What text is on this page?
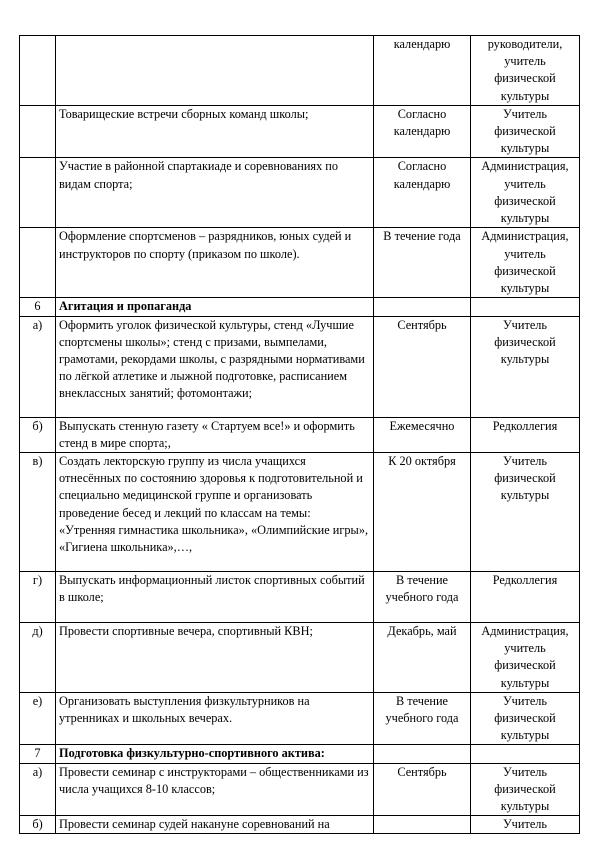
		календарю	руководители, учитель физической культуры
	Товарищеские встречи сборных команд школы;	Согласно календарю	Учитель физической культуры
	Участие в районной спартакиаде и соревнованиях по видам спорта;	Согласно календарю	Администрация, учитель физической культуры
	Оформление спортсменов – разрядников, юных судей и инструкторов по спорту (приказом по школе).	В течение года	Администрация, учитель физической культуры
6	Агитация и пропаганда		
а)	Оформить уголок физической культуры, стенд «Лучшие спортсмены школы»; стенд с призами, вымпелами, грамотами, рекордами школы, с разрядными нормативами по лёгкой атлетике и лыжной подготовке, расписанием внеклассных занятий; фотомонтажи;	Сентябрь	Учитель физической культуры
б)	Выпускать стенную газету « Стартуем все!» и оформить стенд в мире спорта;,	Ежемесячно	Редколлегия
в)	Создать лекторскую группу из числа учащихся отнесённых по состоянию здоровья к подготовительной и специально медицинской группе и организовать проведение бесед и лекций по классам на темы: «Утренняя гимнастика школьника», «Олимпийские игры», «Гигиена школьника»,…,	К 20 октября	Учитель физической культуры
г)	Выпускать информационный листок спортивных событий в школе;	В течение учебного года	Редколлегия
д)	Провести спортивные вечера, спортивный КВН;	Декабрь, май	Администрация, учитель физической культуры
е)	Организовать выступления физкультурников на утренниках и школьных вечерах.	В течение учебного года	Учитель физической культуры
7	Подготовка физкультурно-спортивного актива:		
а)	Провести семинар с инструкторами – общественниками из числа учащихся 8-10 классов;	Сентябрь	Учитель физической культуры
б)	Провести семинар судей накануне соревнований на		Учитель
